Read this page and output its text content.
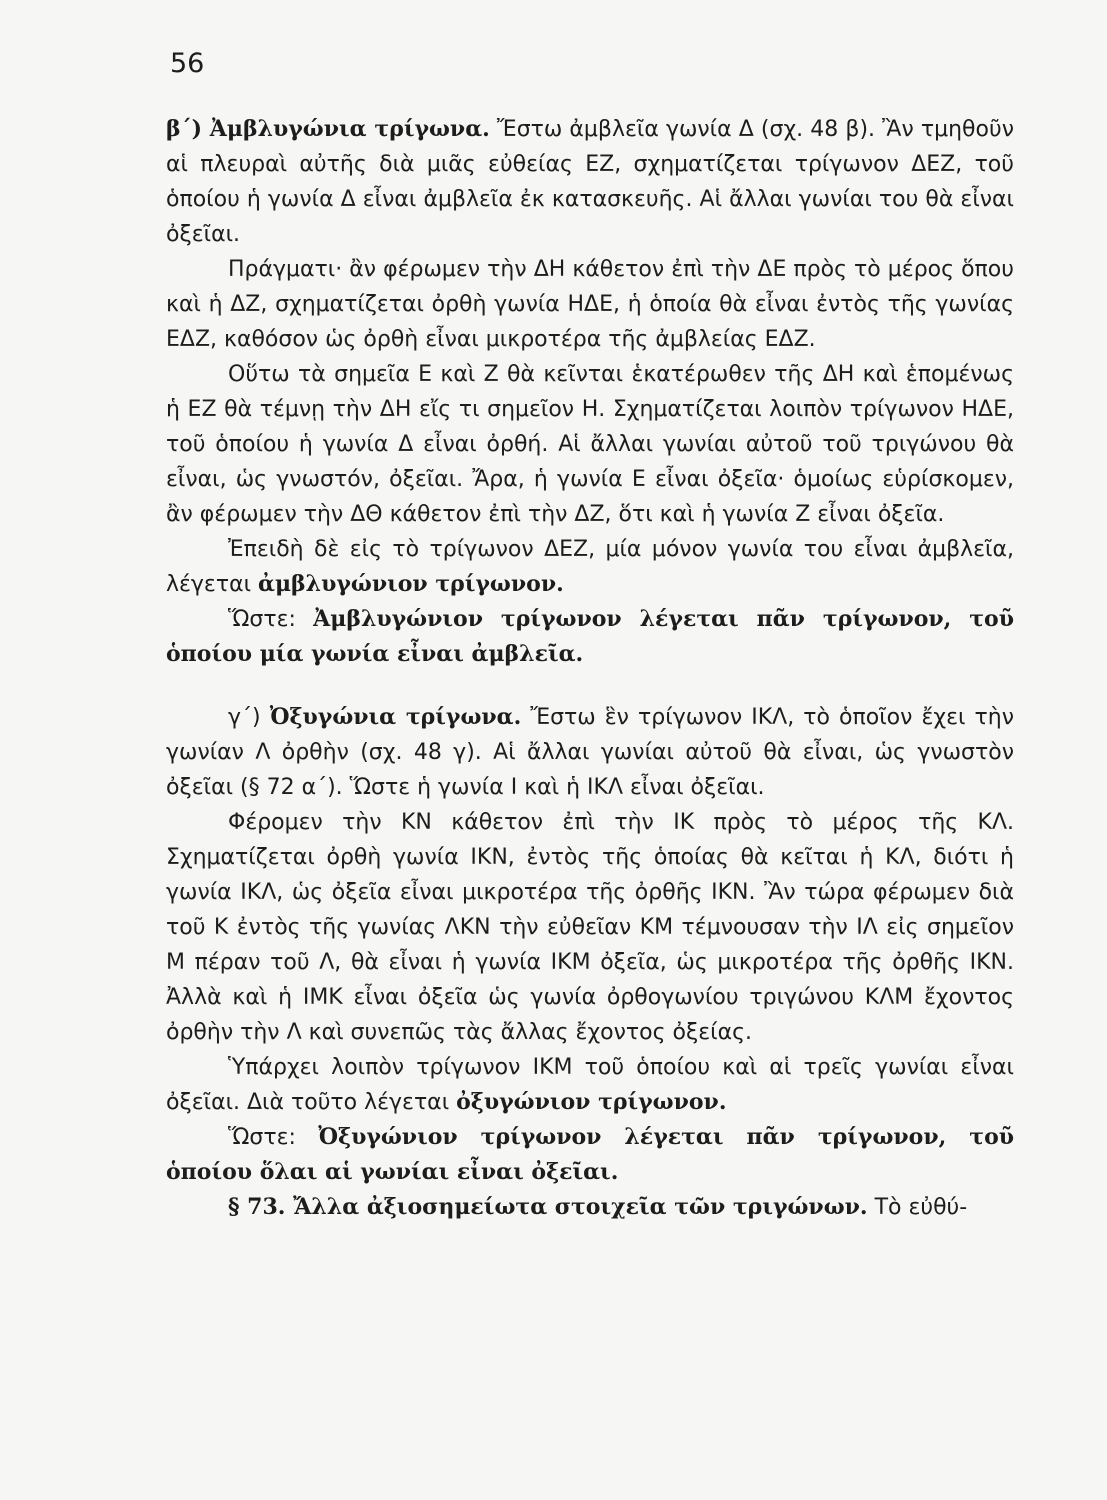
56

β΄) Ἀμβλυγώνια τρίγωνα. Ἔστω ἀμβλεῖα γωνία Δ (σχ. 48 β). Ἂν τμηθοῦν αἱ πλευραὶ αὐτῆς διὰ μιᾶς εὐθείας ΕΖ, σχηματίζεται τρίγωνον ΔΕΖ, τοῦ ὁποίου ἡ γωνία Δ εἶναι ἀμβλεῖα ἐκ κατασκευῆς. Αἱ ἄλλαι γωνίαι του θὰ εἶναι ὀξεῖαι.

Πράγματι· ἂν φέρωμεν τὴν ΔΗ κάθετον ἐπὶ τὴν ΔΕ πρὸς τὸ μέρος ὅπου καὶ ἡ ΔΖ, σχηματίζεται ὀρθὴ γωνία ΗΔΕ, ἡ ὁποία θὰ εἶναι ἐντὸς τῆς γωνίας ΕΔΖ, καθόσον ὡς ὀρθὴ εἶναι μικροτέρα τῆς ἀμβλείας ΕΔΖ.

Οὕτω τὰ σημεῖα Ε καὶ Ζ θὰ κεῖνται ἑκατέρωθεν τῆς ΔΗ καὶ ἑπομένως ἡ ΕΖ θὰ τέμνῃ τὴν ΔΗ εἴς τι σημεῖον Η. Σχηματίζεται λοιπὸν τρίγωνον ΗΔΕ, τοῦ ὁποίου ἡ γωνία Δ εἶναι ὀρθή. Αἱ ἄλλαι γωνίαι αὐτοῦ τοῦ τριγώνου θὰ εἶναι, ὡς γνωστόν, ὀξεῖαι. Ἄρα, ἡ γωνία Ε εἶναι ὀξεῖα· ὁμοίως εὑρίσκομεν, ἂν φέρωμεν τὴν ΔΘ κάθετον ἐπὶ τὴν ΔΖ, ὅτι καὶ ἡ γωνία Ζ εἶναι ὀξεῖα.

Ἐπειδὴ δὲ εἰς τὸ τρίγωνον ΔΕΖ, μία μόνον γωνία του εἶναι ἀμβλεῖα, λέγεται ἀμβλυγώνιον τρίγωνον.

Ὥστε: Ἀμβλυγώνιον τρίγωνον λέγεται πᾶν τρίγωνον, τοῦ ὁποίου μία γωνία εἶναι ἀμβλεῖα.

γ΄) Ὀξυγώνια τρίγωνα. Ἔστω ἓν τρίγωνον ΙΚΛ, τὸ ὁποῖον ἔχει τὴν γωνίαν Λ ὀρθὴν (σχ. 48 γ). Αἱ ἄλλαι γωνίαι αὐτοῦ θὰ εἶναι, ὡς γνωστὸν ὀξεῖαι (§ 72 α΄). Ὥστε ἡ γωνία Ι καὶ ἡ ΙΚΛ εἶναι ὀξεῖαι.

Φέρομεν τὴν ΚΝ κάθετον ἐπὶ τὴν ΙΚ πρὸς τὸ μέρος τῆς ΚΛ. Σχηματίζεται ὀρθὴ γωνία ΙΚΝ, ἐντὸς τῆς ὁποίας θὰ κεῖται ἡ ΚΛ, διότι ἡ γωνία ΙΚΛ, ὡς ὀξεῖα εἶναι μικροτέρα τῆς ὀρθῆς ΙΚΝ. Ἂν τώρα φέρωμεν διὰ τοῦ Κ ἐντὸς τῆς γωνίας ΛΚΝ τὴν εὐθεῖαν ΚΜ τέμνουσαν τὴν ΙΛ εἰς σημεῖον Μ πέραν τοῦ Λ, θὰ εἶναι ἡ γωνία ΙΚΜ ὀξεῖα, ὡς μικροτέρα τῆς ὀρθῆς ΙΚΝ. Ἀλλὰ καὶ ἡ ΙΜΚ εἶναι ὀξεῖα ὡς γωνία ὀρθογωνίου τριγώνου ΚΛΜ ἔχοντος ὀρθὴν τὴν Λ καὶ συνεπῶς τὰς ἄλλας ἔχοντος ὀξείας.

Ὑπάρχει λοιπὸν τρίγωνον ΙΚΜ τοῦ ὁποίου καὶ αἱ τρεῖς γωνίαι εἶναι ὀξεῖαι. Διὰ τοῦτο λέγεται ὀξυγώνιον τρίγωνον.

Ὥστε: Ὀξυγώνιον τρίγωνον λέγεται πᾶν τρίγωνον, τοῦ ὁποίου ὅλαι αἱ γωνίαι εἶναι ὀξεῖαι.

§ 73. Ἄλλα ἀξιοσημείωτα στοιχεῖα τῶν τριγώνων. Τὸ εὐθύ-
